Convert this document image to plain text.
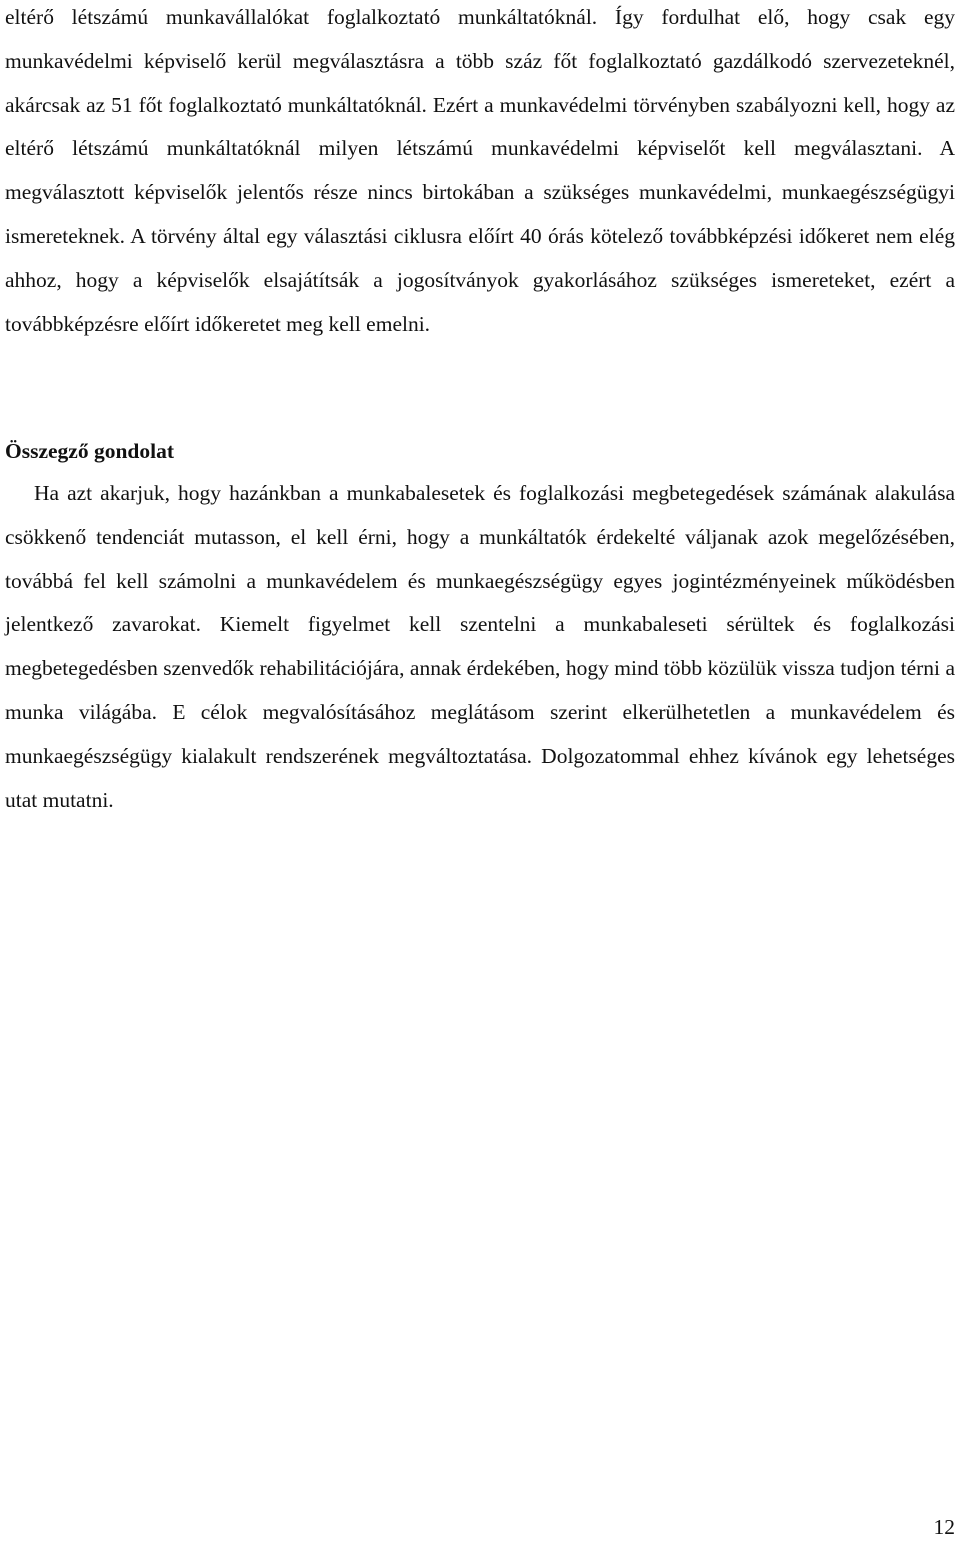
eltérő létszámú munkavállalókat foglalkoztató munkáltatóknál. Így fordulhat elő, hogy csak egy munkavédelmi képviselő kerül megválasztásra a több száz főt foglalkoztató gazdálkodó szervezeteknél, akárcsak az 51 főt foglalkoztató munkáltatóknál. Ezért a munkavédelmi törvényben szabályozni kell, hogy az eltérő létszámú munkáltatóknál milyen létszámú munkavédelmi képviselőt kell megválasztani. A megválasztott képviselők jelentős része nincs birtokában a szükséges munkavédelmi, munkaegészségügyi ismereteknek. A törvény által egy választási ciklusra előírt 40 órás kötelező továbbképzési időkeret nem elég ahhoz, hogy a képviselők elsajátítsák a jogosítványok gyakorlásához szükséges ismereteket, ezért a továbbképzésre előírt időkeretet meg kell emelni.

Összegző gondolat

Ha azt akarjuk, hogy hazánkban a munkabalesetek és foglalkozási megbetegedések számának alakulása csökkenő tendenciát mutasson, el kell érni, hogy a munkáltatók érdekelté váljanak azok megelőzésében, továbbá fel kell számolni a munkavédelem és munkaegészségügy egyes jogintézményeinek működésben jelentkező zavarokat. Kiemelt figyelmet kell szentelni a munkabaleseti sérültek és foglalkozási megbetegedésben szenvedők rehabilitációjára, annak érdekében, hogy mind több közülük vissza tudjon térni a munka világába. E célok megvalósításához meglátásom szerint elkerülhetetlen a munkavédelem és munkaegészségügy kialakult rendszerének megváltoztatása. Dolgozatommal ehhez kívánok egy lehetséges utat mutatni.

12
